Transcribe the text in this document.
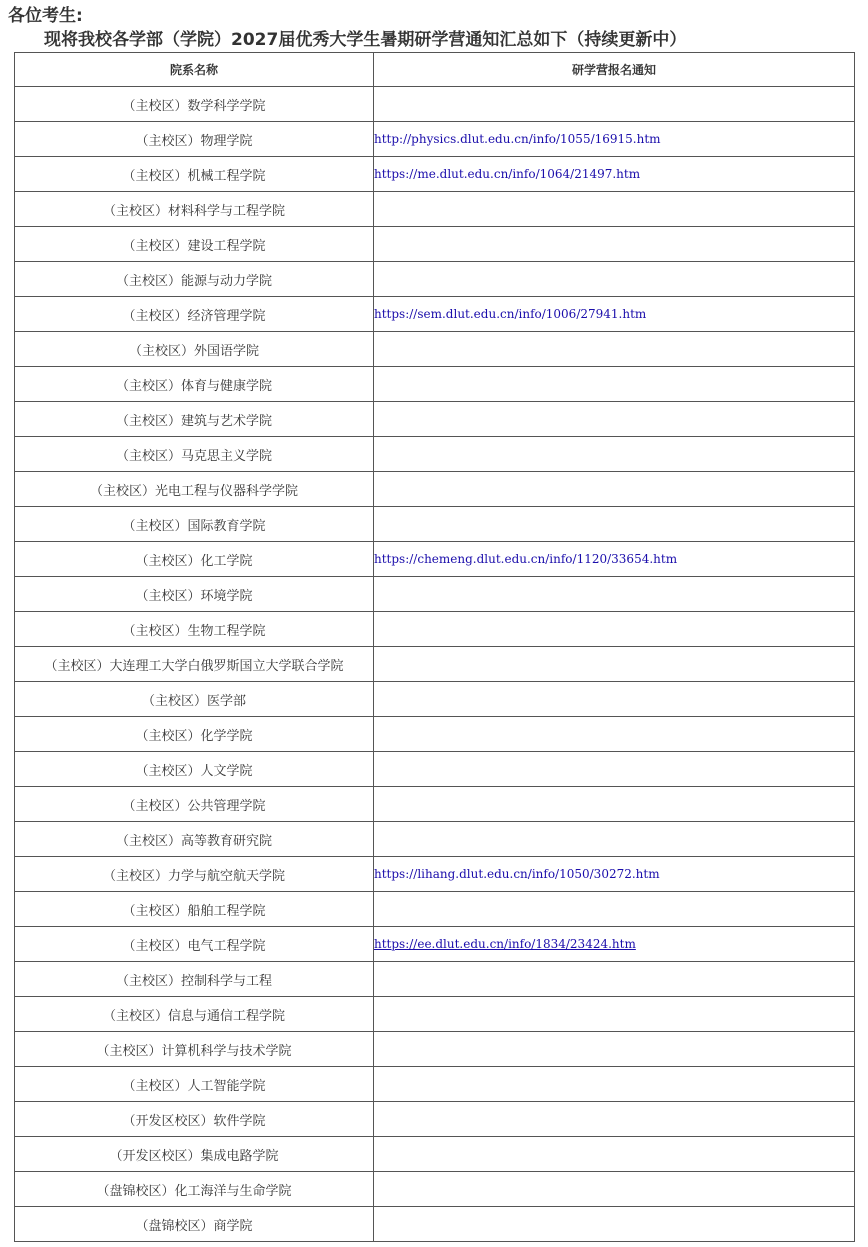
各位考生:
现将我校各学部（学院）2027届优秀大学生暑期研学营通知汇总如下（持续更新中）
院系名称	研学营报名通知
（主校区）数学科学学院	
（主校区）物理学院	http://physics.dlut.edu.cn/info/1055/16915.htm
（主校区）机械工程学院	https://me.dlut.edu.cn/info/1064/21497.htm
（主校区）材料科学与工程学院	
（主校区）建设工程学院	
（主校区）能源与动力学院	
（主校区）经济管理学院	https://sem.dlut.edu.cn/info/1006/27941.htm
（主校区）外国语学院	
（主校区）体育与健康学院	
（主校区）建筑与艺术学院	
（主校区）马克思主义学院	
（主校区）光电工程与仪器科学学院	
（主校区）国际教育学院	
（主校区）化工学院	https://chemeng.dlut.edu.cn/info/1120/33654.htm
（主校区）环境学院	
（主校区）生物工程学院	
（主校区）大连理工大学白俄罗斯国立大学联合学院	
（主校区）医学部	
（主校区）化学学院	
（主校区）人文学院	
（主校区）公共管理学院	
（主校区）高等教育研究院	
（主校区）力学与航空航天学院	https://lihang.dlut.edu.cn/info/1050/30272.htm
（主校区）船舶工程学院	
（主校区）电气工程学院	https://ee.dlut.edu.cn/info/1834/23424.htm
（主校区）控制科学与工程	
（主校区）信息与通信工程学院	
（主校区）计算机科学与技术学院	
（主校区）人工智能学院	
（开发区校区）软件学院	
（开发区校区）集成电路学院	
（盘锦校区）化工海洋与生命学院	
（盘锦校区）商学院	
